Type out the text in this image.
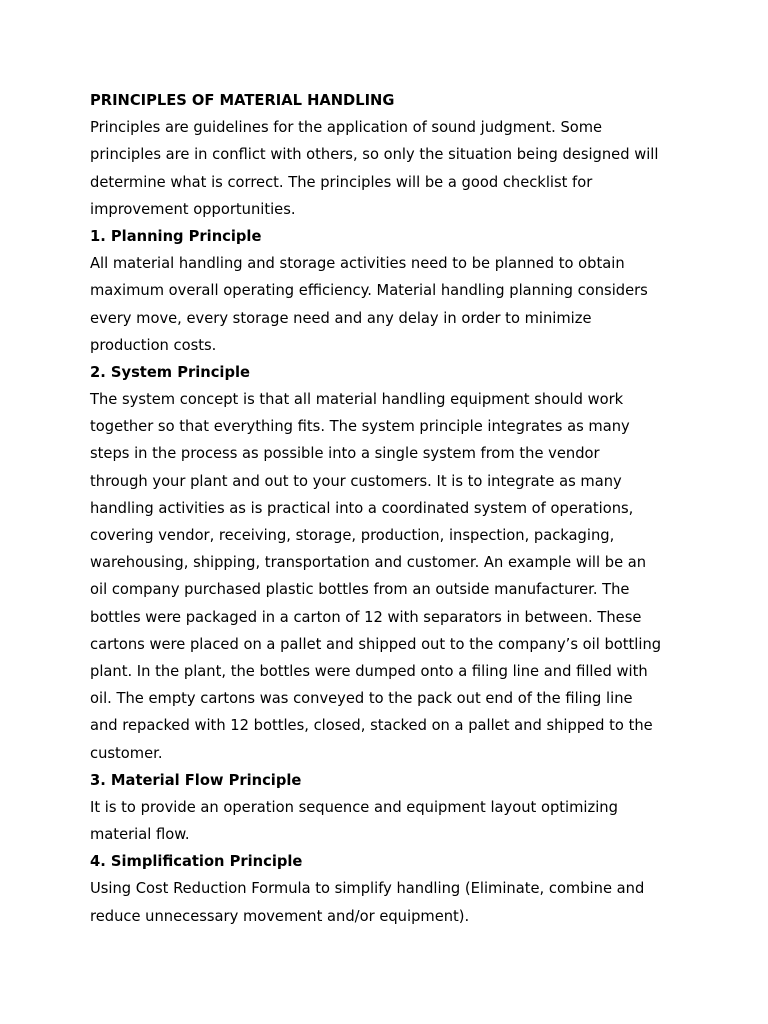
PRINCIPLES OF MATERIAL HANDLING
Principles are guidelines for the application of sound judgment. Some
principles are in conflict with others, so only the situation being designed will
determine what is correct. The principles will be a good checklist for
improvement opportunities.
1. Planning Principle
All material handling and storage activities need to be planned to obtain
maximum overall operating efficiency. Material handling planning considers
every move, every storage need and any delay in order to minimize
production costs.
2. System Principle
The system concept is that all material handling equipment should work
together so that everything fits. The system principle integrates as many
steps in the process as possible into a single system from the vendor
through your plant and out to your customers. It is to integrate as many
handling activities as is practical into a coordinated system of operations,
covering vendor, receiving, storage, production, inspection, packaging,
warehousing, shipping, transportation and customer. An example will be an
oil company purchased plastic bottles from an outside manufacturer. The
bottles were packaged in a carton of 12 with separators in between. These
cartons were placed on a pallet and shipped out to the company’s oil bottling
plant. In the plant, the bottles were dumped onto a filing line and filled with
oil. The empty cartons was conveyed to the pack out end of the filing line
and repacked with 12 bottles, closed, stacked on a pallet and shipped to the
customer.
3. Material Flow Principle
It is to provide an operation sequence and equipment layout optimizing
material flow.
4. Simplification Principle
Using Cost Reduction Formula to simplify handling (Eliminate, combine and
reduce unnecessary movement and/or equipment).
